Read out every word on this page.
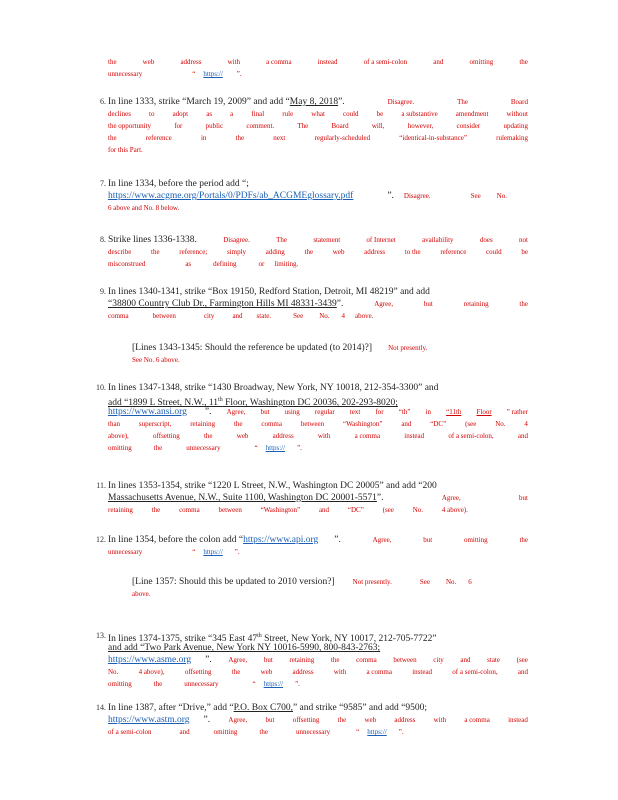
the	web	address	with	a comma	instead	of a semi-colon	and	omitting	the
unnecessary	“ https:// ”.
6. In line 1333, strike “March 19, 2009” and add “May 8, 2018”.	Disagree.	The	Board
declines	to	adopt	as	a	final	rule	what	could	be	a substantive	amendment	without
the opportunity	for	public	comment.	The	Board	will,	however,	consider	updating
the	reference	in	the	next	regularly-scheduled	“identical-in-substance”	rulemaking
for this Part.
7. In line 1334, before the period add “;
https://www.acgme.org/Portals/0/PDFs/ab_ACGMEglossary.pdf	”. Disagree.	See No.
6 above and No. 8 below.
8. Strike lines 1336-1338.	Disagree.	The	statement	of Internet	availability	does	not
describe	the	reference;	simply	adding	the	web	address	to the	reference	could	be
misconstrued	as	defining	or limiting.
9. In lines 1340-1341, strike “Box 19150, Redford Station, Detroit, MI 48219” and add
“38800 Country Club Dr., Farmington Hills MI 48331-3439”.	Agree,	but	retaining	the
comma	between	city	and state.	See No. 4 above.
[Lines 1343-1345: Should the reference be updated (to 2014)?] Not presently.
See No. 6 above.
10. In lines 1347-1348, strike “1430 Broadway, New York, NY 10018, 212-354-3300” and
add “1899 L Street, N.W., 11th Floor, Washington DC 20036, 202-293-8020;
https://www.ansi.org ”. Agree, but using regular text for “th” in “11th Floor ” rather
than	superscript,	retaining	the	comma	between	“Washington”	and	“DC”	(see	No.	4
above),	offsetting	the	web	address	with	a comma	instead	of a semi-colon,	and
omitting	the	unnecessary	“ https:// ”.
11. In lines 1353-1354, strike “1220 L Street, N.W., Washington DC 20005” and add “200
Massachusetts Avenue, N.W., Suite 1100, Washington DC 20001-5571”.	Agree,	but
retaining	the	comma	between	“Washington”	and	“DC”	(see	No.	4 above).
12. In line 1354, before the colon add “https://www.api.org ”.	Agree,	but	omitting	the
unnecessary	“ https:// ”.
[Line 1357: Should this be updated to 2010 version?]	Not presently.	See No. 6
above.
13. In lines 1374-1375, strike “345 East 47th Street, New York, NY 10017, 212-705-7722”
and add “Two Park Avenue, New York NY 10016-5990, 800-843-2763;
https://www.asme.org ”. Agree, but retaining the comma between city and state (see
No.	4 above),	offsetting	the	web	address	with	a comma	instead	of a semi-colon,	and
omitting	the	unnecessary	“ https:// ”.
14. In line 1387, after “Drive,” add “P.O. Box C700,” and strike “9585” and add “9500;
https://www.astm.org ”.	Agree,	but	offsetting	the	web	address	with	a comma	instead
of a semi-colon	and	omitting	the	unnecessary	“ https:// ”.
